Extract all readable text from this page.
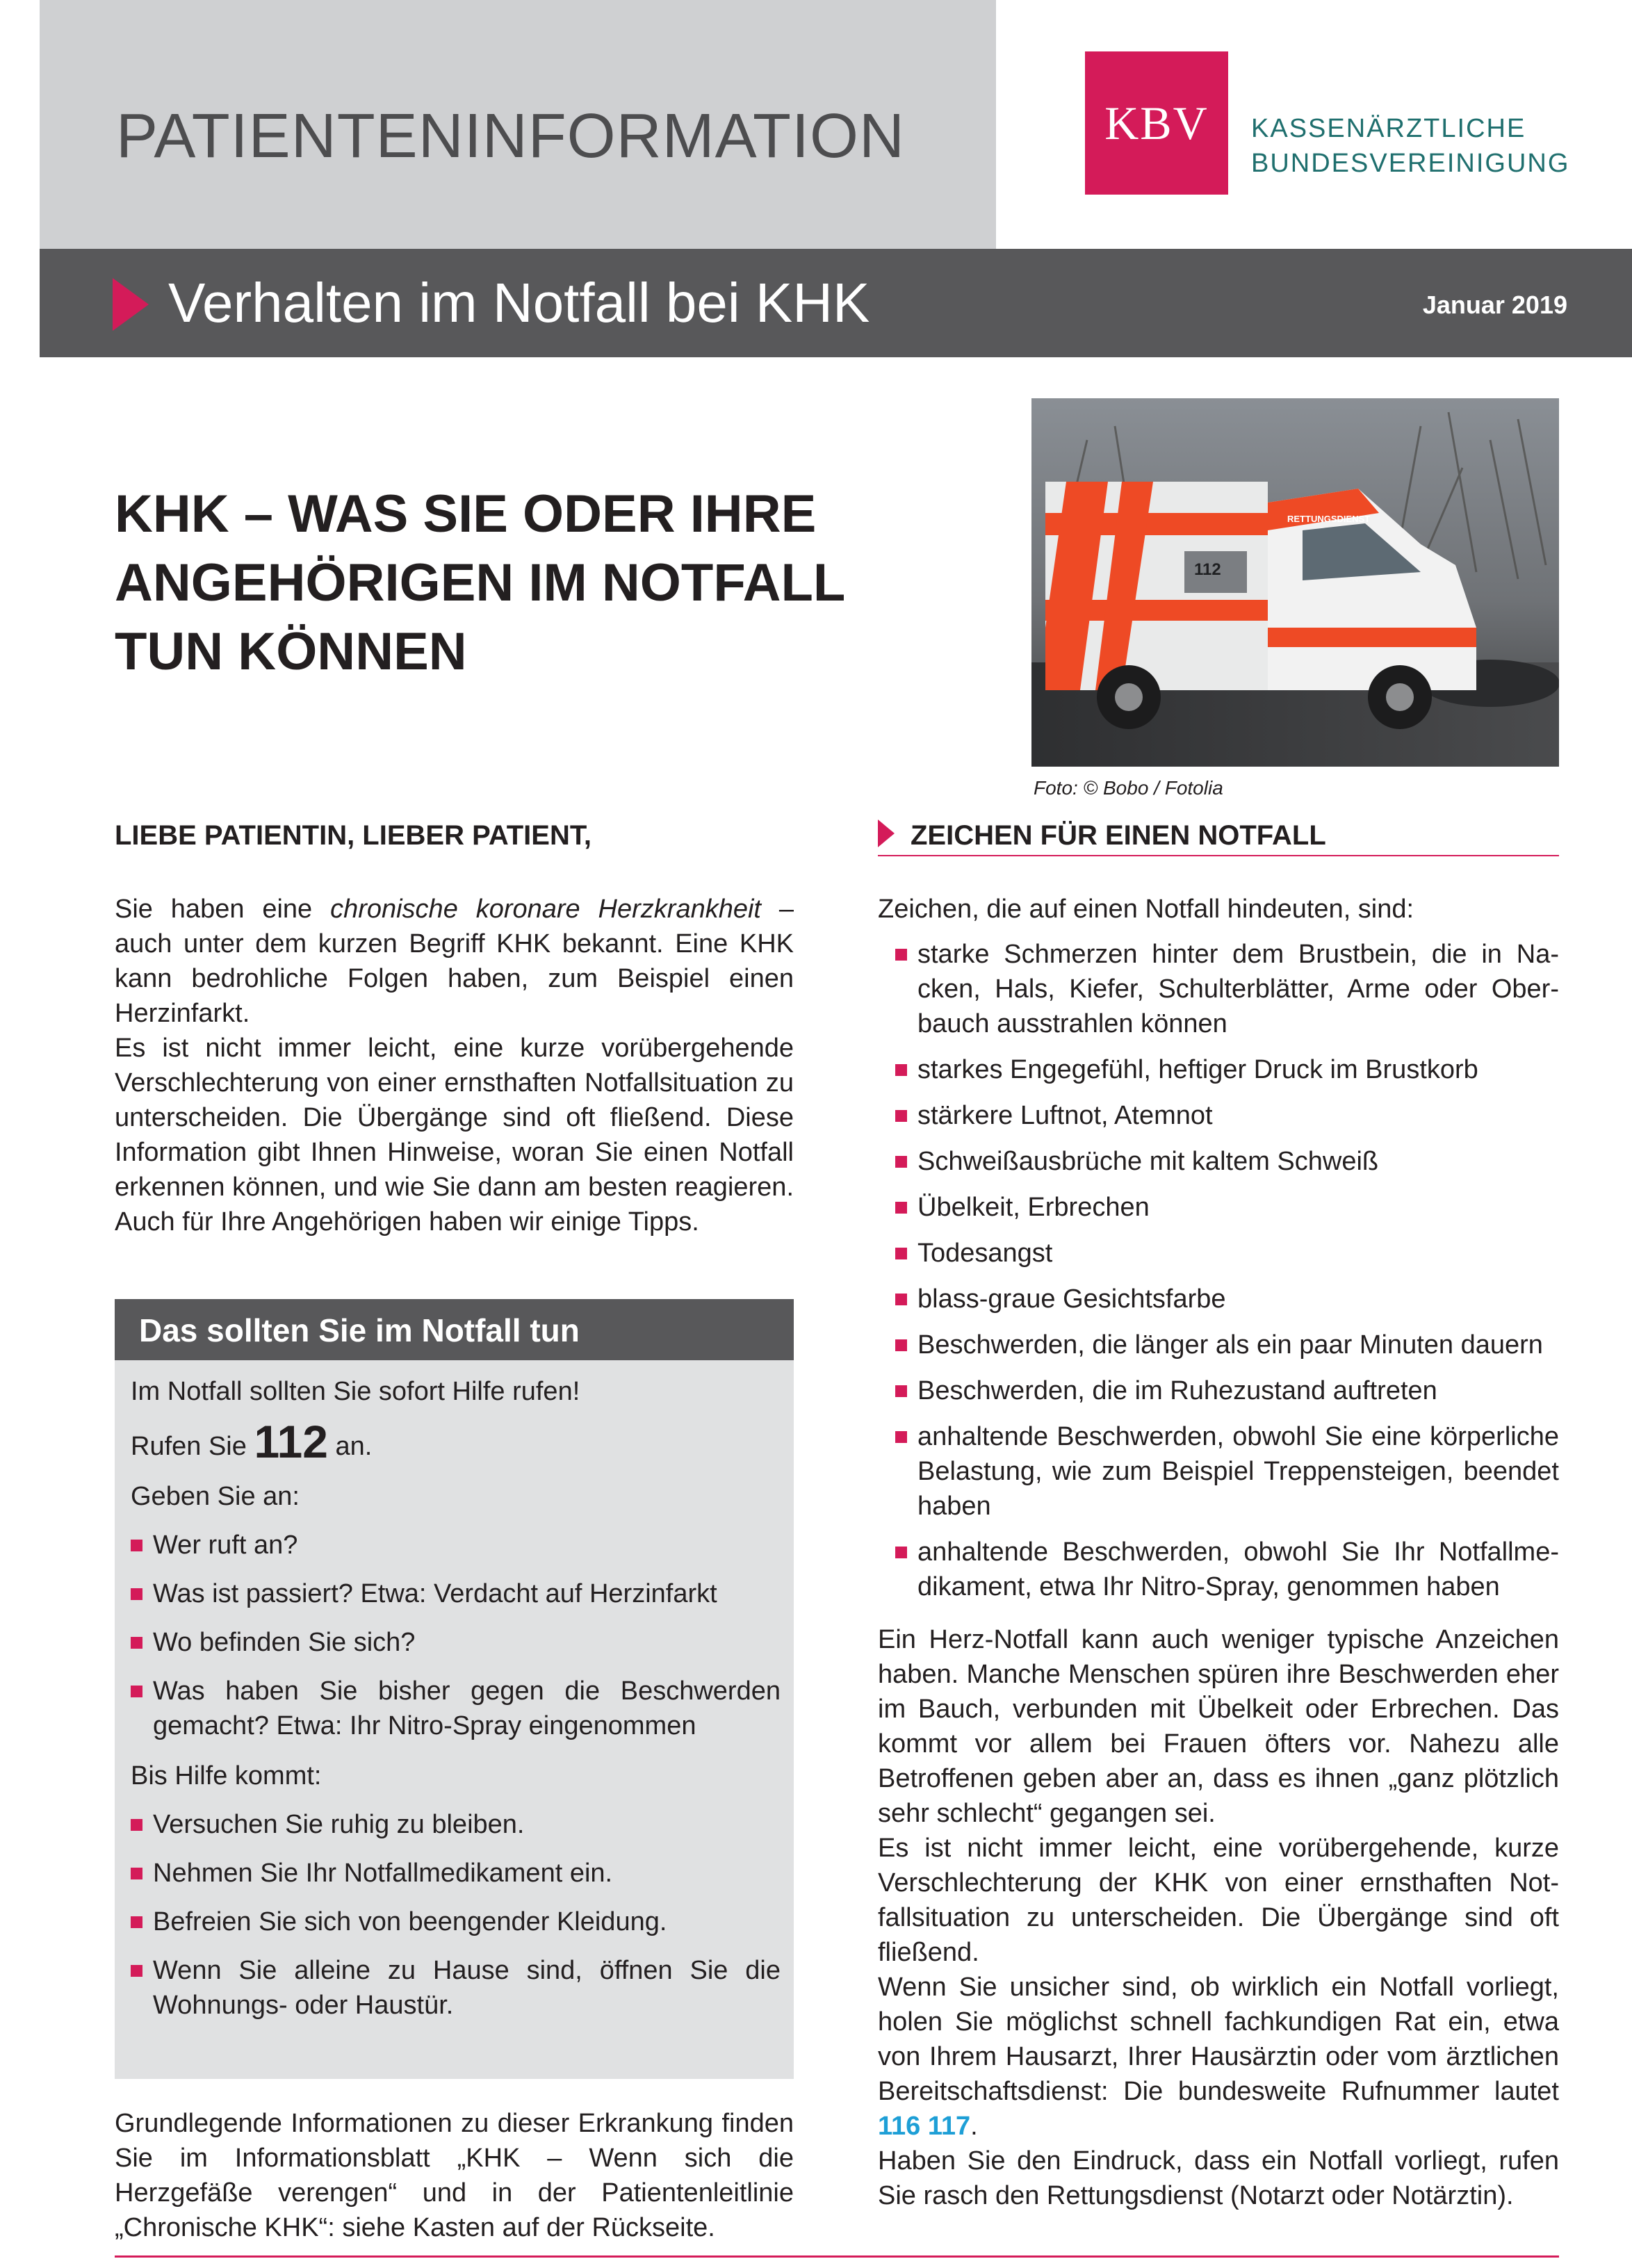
PATIENTENINFORMATION	KBV KASSENÄRZTLICHE
BUNDESVEREINIGUNG
Verhalten im Notfall bei KHK	Januar 2019
KHK – WAS SIE ODER IHRE
ANGEHÖRIGEN IM NOTFALL
TUN KÖNNEN
RETTUNGSDIENST
112
Foto: © Bobo / Fotolia
LIEBE PATIENTIN, LIEBER PATIENT,

Sie haben eine chronische koronare Herzkrankheit – auch unter dem kurzen Begriff KHK bekannt. Eine KHK kann bedrohliche Folgen haben, zum Beispiel einen Herzinfarkt.

Es ist nicht immer leicht, eine kurze vorübergehende Verschlechterung von einer ernsthaften Notfallsituation zu unterscheiden. Die Übergänge sind oft fließend. Diese Information gibt Ihnen Hinweise, woran Sie einen Notfall erkennen können, und wie Sie dann am besten reagieren. Auch für Ihre Angehörigen haben wir einige Tipps.

Das sollten Sie im Notfall tun

Im Notfall sollten Sie sofort Hilfe rufen!

Rufen Sie 112 an.

Geben Sie an:

Wer ruft an?
Was ist passiert? Etwa: Verdacht auf Herzinfarkt
Wo befinden Sie sich?
Was haben Sie bisher gegen die Beschwerden gemacht? Etwa: Ihr Nitro-Spray eingenommen

Bis Hilfe kommt:

Versuchen Sie ruhig zu bleiben.
Nehmen Sie Ihr Notfallmedikament ein.
Befreien Sie sich von beengender Kleidung.
Wenn Sie alleine zu Hause sind, öffnen Sie die Wohnungs- oder Haustür.
Grundlegende Informationen zu dieser Erkrankung finden Sie im Informationsblatt „KHK – Wenn sich die Herzgefäße verengen“ und in der Patientenleitlinie „Chronische KHK“: siehe Kasten auf der Rückseite.
ZEICHEN FÜR EINEN NOTFALL

Zeichen, die auf einen Notfall hindeuten, sind:

starke Schmerzen hinter dem Brustbein, die in Nacken, Hals, Kiefer, Schulterblätter, Arme oder Oberbauch ausstrahlen können
starkes Engegefühl, heftiger Druck im Brustkorb
stärkere Luftnot, Atemnot
Schweißausbrüche mit kaltem Schweiß
Übelkeit, Erbrechen
Todesangst
blass-graue Gesichtsfarbe
Beschwerden, die länger als ein paar Minuten dauern
Beschwerden, die im Ruhezustand auftreten
anhaltende Beschwerden, obwohl Sie eine körperliche Belastung, wie zum Beispiel Treppensteigen, beendet haben
anhaltende Beschwerden, obwohl Sie Ihr Notfallmedikament, etwa Ihr Nitro-Spray, genommen haben

Ein Herz-Notfall kann auch weniger typische Anzeichen haben. Manche Menschen spüren ihre Beschwerden eher im Bauch, verbunden mit Übelkeit oder Erbrechen. Das kommt vor allem bei Frauen öfters vor. Nahezu alle Betroffenen geben aber an, dass es ihnen „ganz plötzlich sehr schlecht“ gegangen sei.

Es ist nicht immer leicht, eine vorübergehende, kurze Verschlechterung der KHK von einer ernsthaften Notfallsituation zu unterscheiden. Die Übergänge sind oft fließend.

Wenn Sie unsicher sind, ob wirklich ein Notfall vorliegt, holen Sie möglichst schnell fachkundigen Rat ein, etwa von Ihrem Hausarzt, Ihrer Hausärztin oder vom ärztlichen Bereitschaftsdienst: Die bundesweite Rufnummer lautet 116 117.

Haben Sie den Eindruck, dass ein Notfall vorliegt, rufen Sie rasch den Rettungsdienst (Notarzt oder Notärztin).
